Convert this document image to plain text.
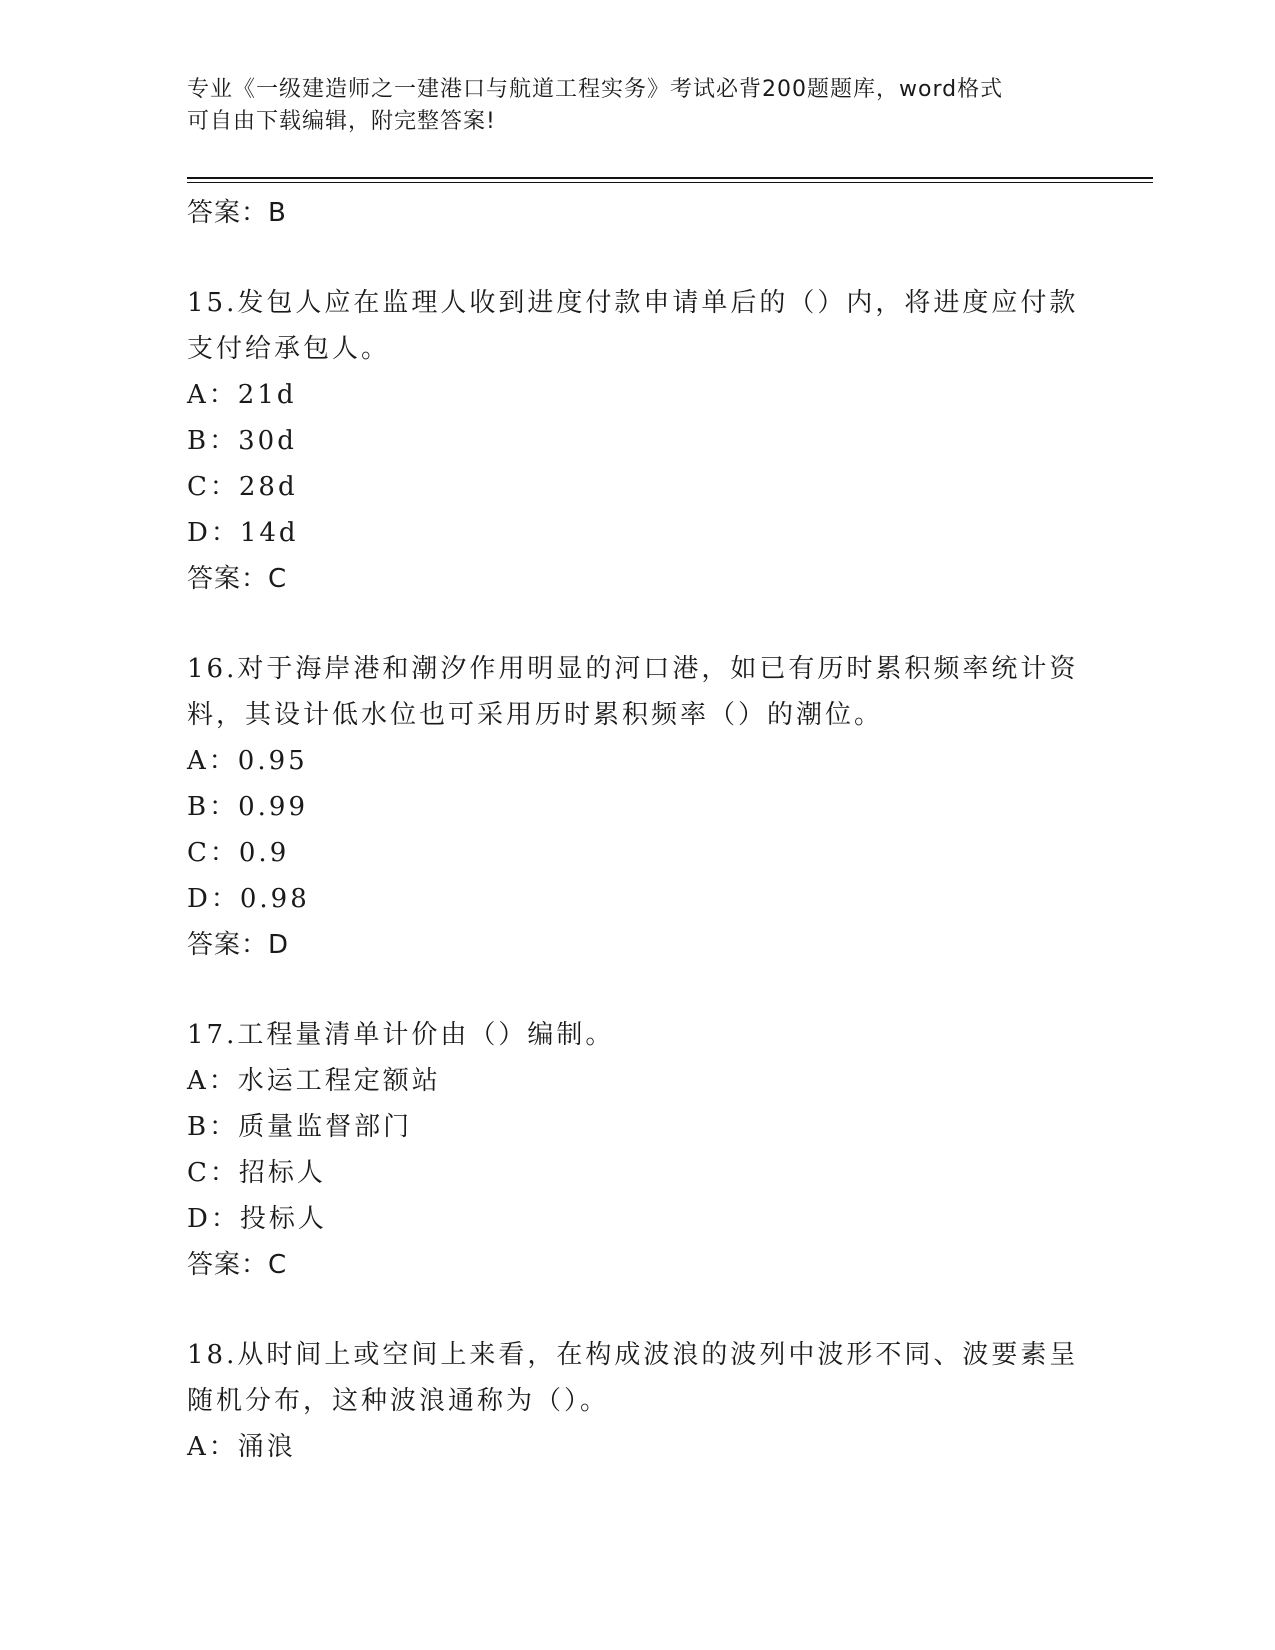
专业《一级建造师之一建港口与航道工程实务》考试必背200题题库，word格式
可自由下载编辑，附完整答案!
答案：B
15.发包人应在监理人收到进度付款申请单后的（）内，将进度应付款
支付给承包人。
A：21d
B：30d
C：28d
D：14d
答案：C
16.对于海岸港和潮汐作用明显的河口港，如已有历时累积频率统计资
料，其设计低水位也可采用历时累积频率（）的潮位。
A：0.95
B：0.99
C：0.9
D：0.98
答案：D
17.工程量清单计价由（）编制。
A：水运工程定额站
B：质量监督部门
C：招标人
D：投标人
答案：C
18.从时间上或空间上来看，在构成波浪的波列中波形不同、波要素呈
随机分布，这种波浪通称为（）。
A：涌浪
